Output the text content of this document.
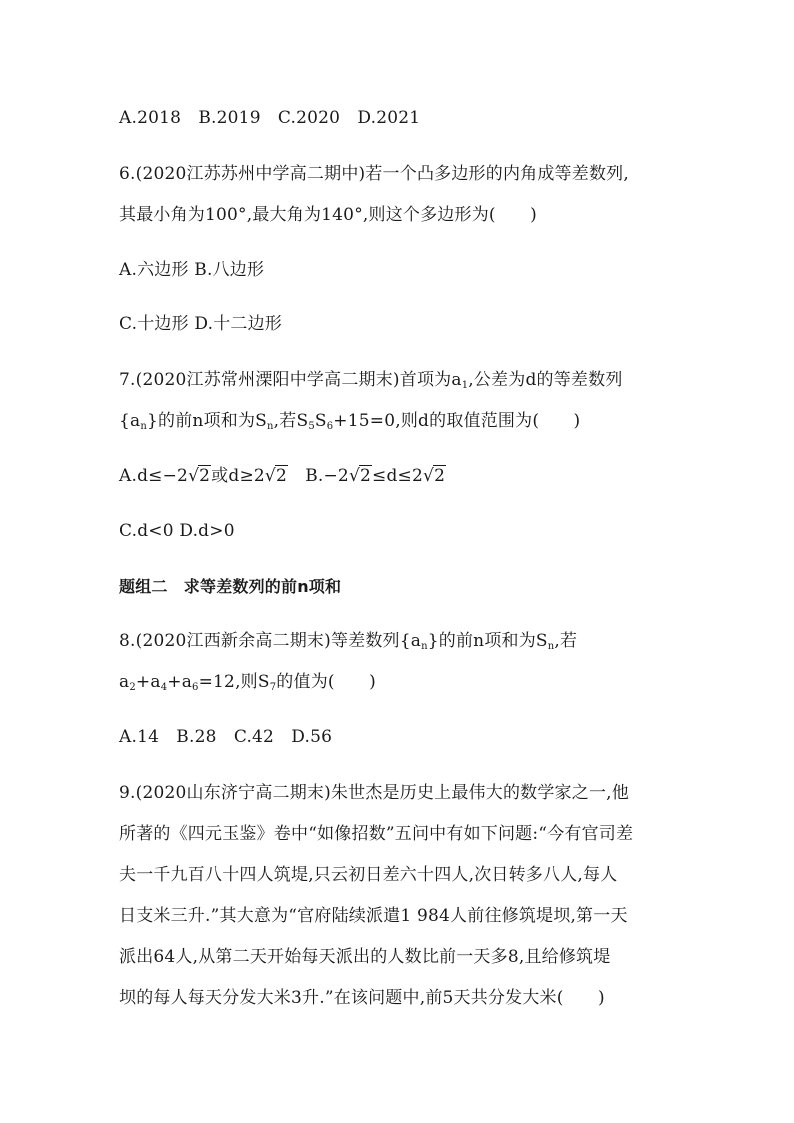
A.2018　B.2019　C.2020　D.2021
6.(2020江苏苏州中学高二期中)若一个凸多边形的内角成等差数列,
其最小角为100°,最大角为140°,则这个多边形为(　　)
A.六边形 B.八边形
C.十边形 D.十二边形
7.(2020江苏常州溧阳中学高二期末)首项为$a_1$,公差为d的等差数列
$\{a_n\}$的前n项和为$S_n$,若$S_5S_6+15=0$,则d的取值范围为(　　)
A.d≤−2√2或d≥2√2  B.−2√2≤d≤2√2
C.d<0 D.d>0
题组二　求等差数列的前n项和
8.(2020江西新余高二期末)等差数列$\{a_n\}$的前n项和为$S_n$,若
$a_2+a_4+a_6=12$,则$S_7$的值为(　　)
A.14　B.28　C.42　D.56
9.(2020山东济宁高二期末)朱世杰是历史上最伟大的数学家之一,他
所著的《四元玉鉴》卷中“如像招数”五问中有如下问题:“今有官司差
夫一千九百八十四人筑堤,只云初日差六十四人,次日转多八人,每人
日支米三升.”其大意为“官府陆续派遣1 984人前往修筑堤坝,第一天
派出64人,从第二天开始每天派出的人数比前一天多8,且给修筑堤
坝的每人每天分发大米3升.”在该问题中,前5天共分发大米(　　)
